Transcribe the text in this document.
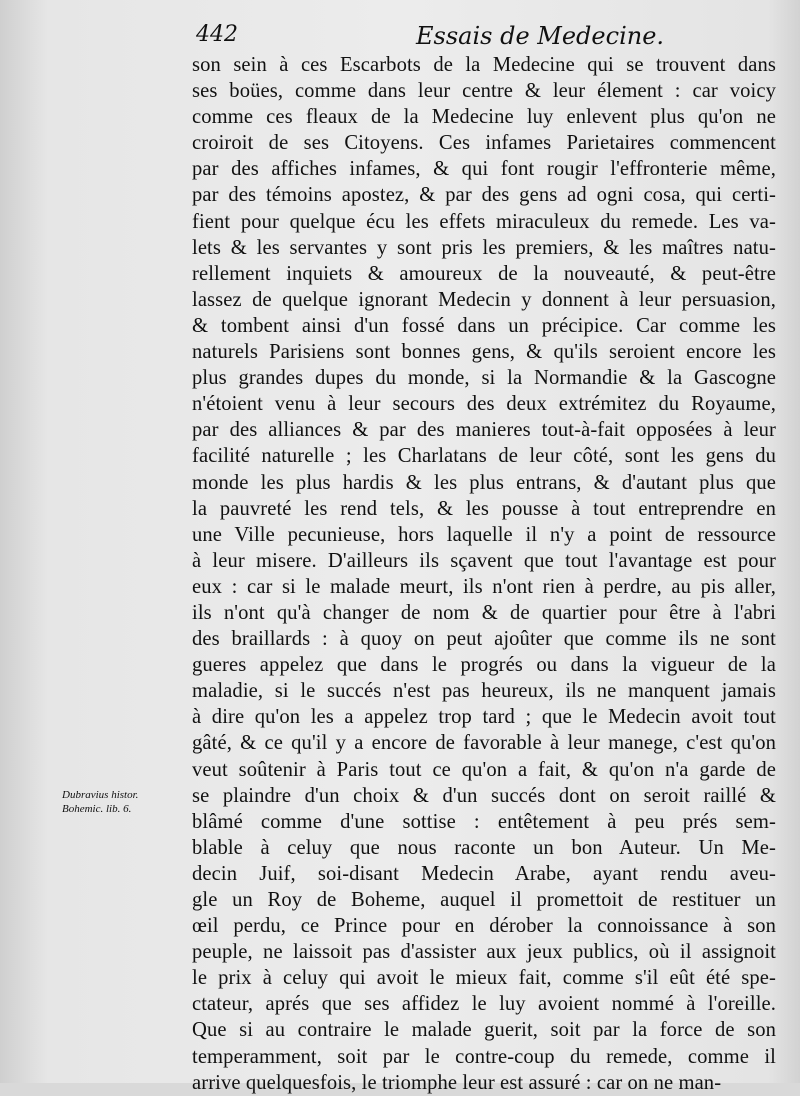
442	Essais de Medecine.
son sein à ces Escarbots de la Medecine qui se trouvent dans
ses boües, comme dans leur centre & leur élement : car voicy
comme ces fleaux de la Medecine luy enlevent plus qu'on ne
croiroit de ses Citoyens. Ces infames Parietaires commencent
par des affiches infames, & qui font rougir l'effronterie même,
par des témoins apostez, & par des gens ad ogni cosa, qui certi-
fient pour quelque écu les effets miraculeux du remede. Les va-
lets & les servantes y sont pris les premiers, & les maîtres natu-
rellement inquiets & amoureux de la nouveauté, & peut-être
lassez de quelque ignorant Medecin y donnent à leur persuasion,
& tombent ainsi d'un fossé dans un précipice. Car comme les
naturels Parisiens sont bonnes gens, & qu'ils seroient encore les
plus grandes dupes du monde, si la Normandie & la Gascogne
n'étoient venu à leur secours des deux extrémitez du Royaume,
par des alliances & par des manieres tout-à-fait opposées à leur
facilité naturelle ; les Charlatans de leur côté, sont les gens du
monde les plus hardis & les plus entrans, & d'autant plus que
la pauvreté les rend tels, & les pousse à tout entreprendre en
une Ville pecunieuse, hors laquelle il n'y a point de ressource
à leur misere. D'ailleurs ils sçavent que tout l'avantage est pour
eux : car si le malade meurt, ils n'ont rien à perdre, au pis aller,
ils n'ont qu'à changer de nom & de quartier pour être à l'abri
des braillards : à quoy on peut ajoûter que comme ils ne sont
gueres appelez que dans le progrés ou dans la vigueur de la
maladie, si le succés n'est pas heureux, ils ne manquent jamais
à dire qu'on les a appelez trop tard ; que le Medecin avoit tout
gâté, & ce qu'il y a encore de favorable à leur manege, c'est qu'on
veut soûtenir à Paris tout ce qu'on a fait, & qu'on n'a garde de
se plaindre d'un choix & d'un succés dont on seroit raillé &
blâmé comme d'une sottise : entêtement à peu prés sem-
blable à celuy que nous raconte un bon Auteur. Un Me-
decin Juif, soi-disant Medecin Arabe, ayant rendu aveu-
gle un Roy de Boheme, auquel il promettoit de restituer un
œil perdu, ce Prince pour en dérober la connoissance à son
peuple, ne laissoit pas d'assister aux jeux publics, où il assignoit
le prix à celuy qui avoit le mieux fait, comme s'il eût été spe-
ctateur, aprés que ses affidez le luy avoient nommé à l'oreille.
Que si au contraire le malade guerit, soit par la force de son
temperamment, soit par le contre-coup du remede, comme il
arrive quelquesfois, le triomphe leur est assuré : car on ne man-
Dubravius histor.
Bohemic. lib. 6.
